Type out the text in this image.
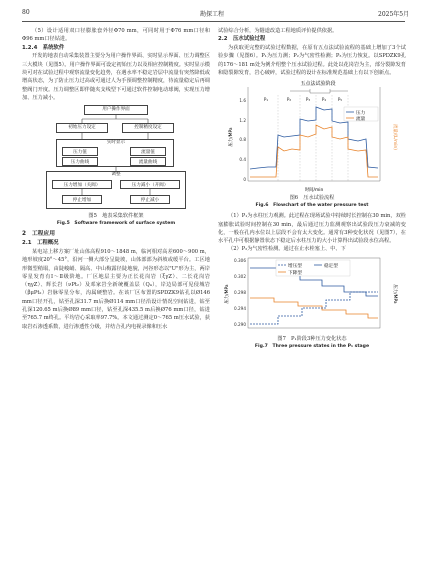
80	勘探工程	2025年5月

（5）设计适用双口径膨胀套外径Φ70 mm，可同时用于Φ76 mm口径和Φ96 mm口径钻进。

1.2.4　系统软件

开发的地表自动采集装置主要分为用户操作界面、实时显示界面、压力调整区三大模块（见图5）。用户操作界面可设定初始压力以及相应控制精度。实时显示模块可对在试验过程中观察流量变化趋势，在遇水率不稳定岩层中流量有突然降低或增高状态，为了防止压力过高或可通过人为手预调整控制精度，待流量稳定后再调整阀门开度。压力调整区即伴随夹支线型下可通过软件控制电动球阀，实现压力增加、压力减小。

用户操作界面
初始压力设定	控制精度设定
实时显示
压力值	流量值
压力曲线	流量曲线
调整
压力增加（关阀）	压力减小（开阀）
停止增加	停止减小

图5　地表采集软件框架

Fig.5　Software framework of surface system

2　工程应用

2.1　工程概况

某电站上移方案厂址山体高程910～1848 m，临河相对高差600～900 m，地形坡度20°～45°，沿河一侧大部分呈陡坡，山体部部为斜坡或缓平台。工区地形微型稍塌，由陡峻峭、隔高、中山梅露径陡地貌，河谷形态以"U"形为主，两岸零星发育有Ⅰ～Ⅱ级阶地。厂区地层主要为正长花岗岩（ξγZ）、二长花岗岩（ηγZ）、辉长岩（νPt₂）及邓家岩全新统覆盖层（Q₄），岸边局部可见侵城岩（βμPt₂）岩脉零星分布，沟属硬整岩。在该厂区布置的SPDZK9钻孔以Ø146 mm口径开孔，钻至孔深31.7 m后换Ø114 mm口径沿设计情况空间钻进，钻至孔深120.65 m后换Ø89 mm口径，钻至孔深435.5 m后换Ø76 mm口径，钻进至765.7 m终孔。平均岩心采取率97.7%。本文通过测定0～765 m压水试验，获取岩石渗透系数，进行渗透性分级，并结合孔内电视录像和压水

试验综合分析，为隧道改造工程地质评价提供依据。

2.2　压水试验过程

为获取更完整的试验过程数据，在原有五点法试验流程的基础上增加了3个试验步骤（见图6）。P₁为压力测；P₂为气密性检测；P₃为压力恢复。以SPDZK9孔的176～181 m处为例介绍整个压水试验过程。此处以花岗岩为主，部分裂隙发育和隐裂隙发育，岩心破碎，试验过程的设计在标准规范基础上有以下创新点。

五点法试验阶段
1.6
1.2
0.8
0.4
0
P₁	P₂	P₃	P₄	P₅
压力/MPa	流量/(L/min)
时间/min
压力
流量

图6　压水试验流程

Fig.6　Flowchart of the water pressure test

（1）P₁为水柱压力观测。此过程在现场试验中持续时长控制在30 min，双栓塞膨胀试验时间控制在30 min，最后通过压力监测观察出试验段压力衰减的变化，一般在孔内水位以上层段不会有太大变化。通常有3种变化状况（见图7），在水平孔中可根据静置状态下稳定后水柱压力的大小计算得出试验段水位高程。

（2）P₂为气密性检测。通过在止水栓塞上、中、下

0.306
0.302
0.298
0.294
0.290
压力/MPa	压力/MPa
增压型
下降型
稳定型

图7　P₁阶段3种压力变化状态

Fig.7　Three pressure states in the P₁ stage
